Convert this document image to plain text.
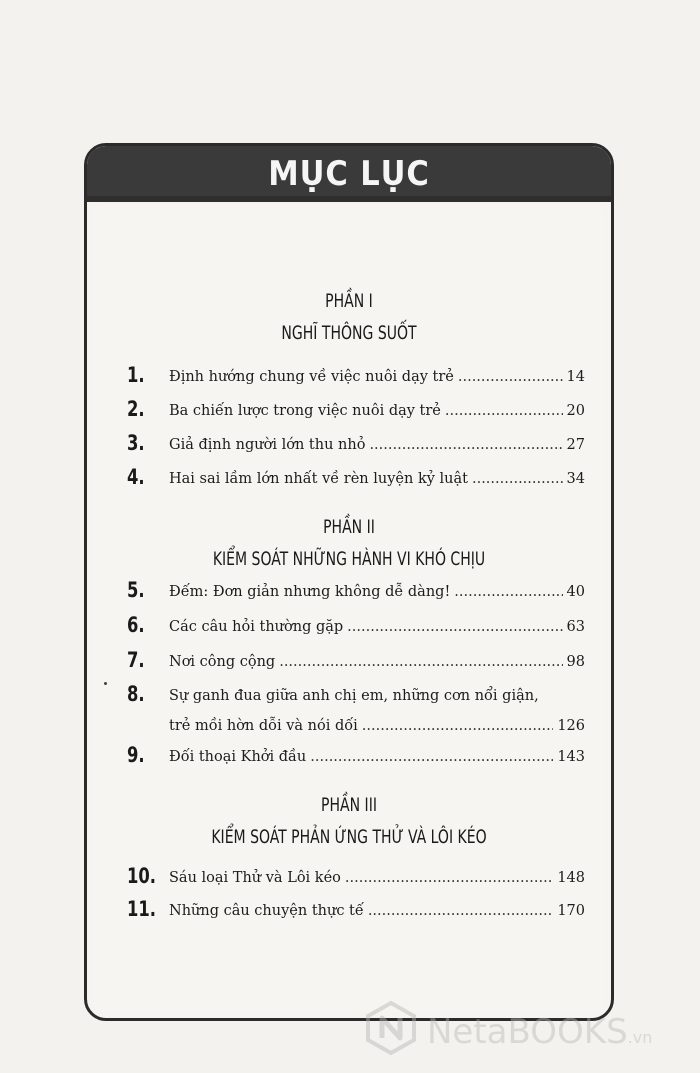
MỤC LỤC
PHẦN I
NGHĨ THÔNG SUỐT
1. Định hướng chung về việc nuôi dạy trẻ .....	14
2. Ba chiến lược trong việc nuôi dạy trẻ .....	20
3. Giả định người lớn thu nhỏ .....	27
4. Hai sai lầm lớn nhất về rèn luyện kỷ luật .....	34
PHẦN II
KIỂM SOÁT NHỮNG HÀNH VI KHÓ CHỊU
5. Đếm: Đơn giản nhưng không dễ dàng! .....	40
6. Các câu hỏi thường gặp .....	63
7. Nơi công cộng .....	98
8. Sự ganh đua giữa anh chị em, những cơn nổi giận,
trẻ mồi hờn dỗi và nói dối .....	126
9. Đối thoại Khởi đầu .....	143
PHẦN III
KIỂM SOÁT PHẢN ỨNG THỬ VÀ LÔI KÉO
10. Sáu loại Thử và Lôi kéo .....	148
11. Những câu chuyện thực tế .....	170
NetaBOOKS.vn
